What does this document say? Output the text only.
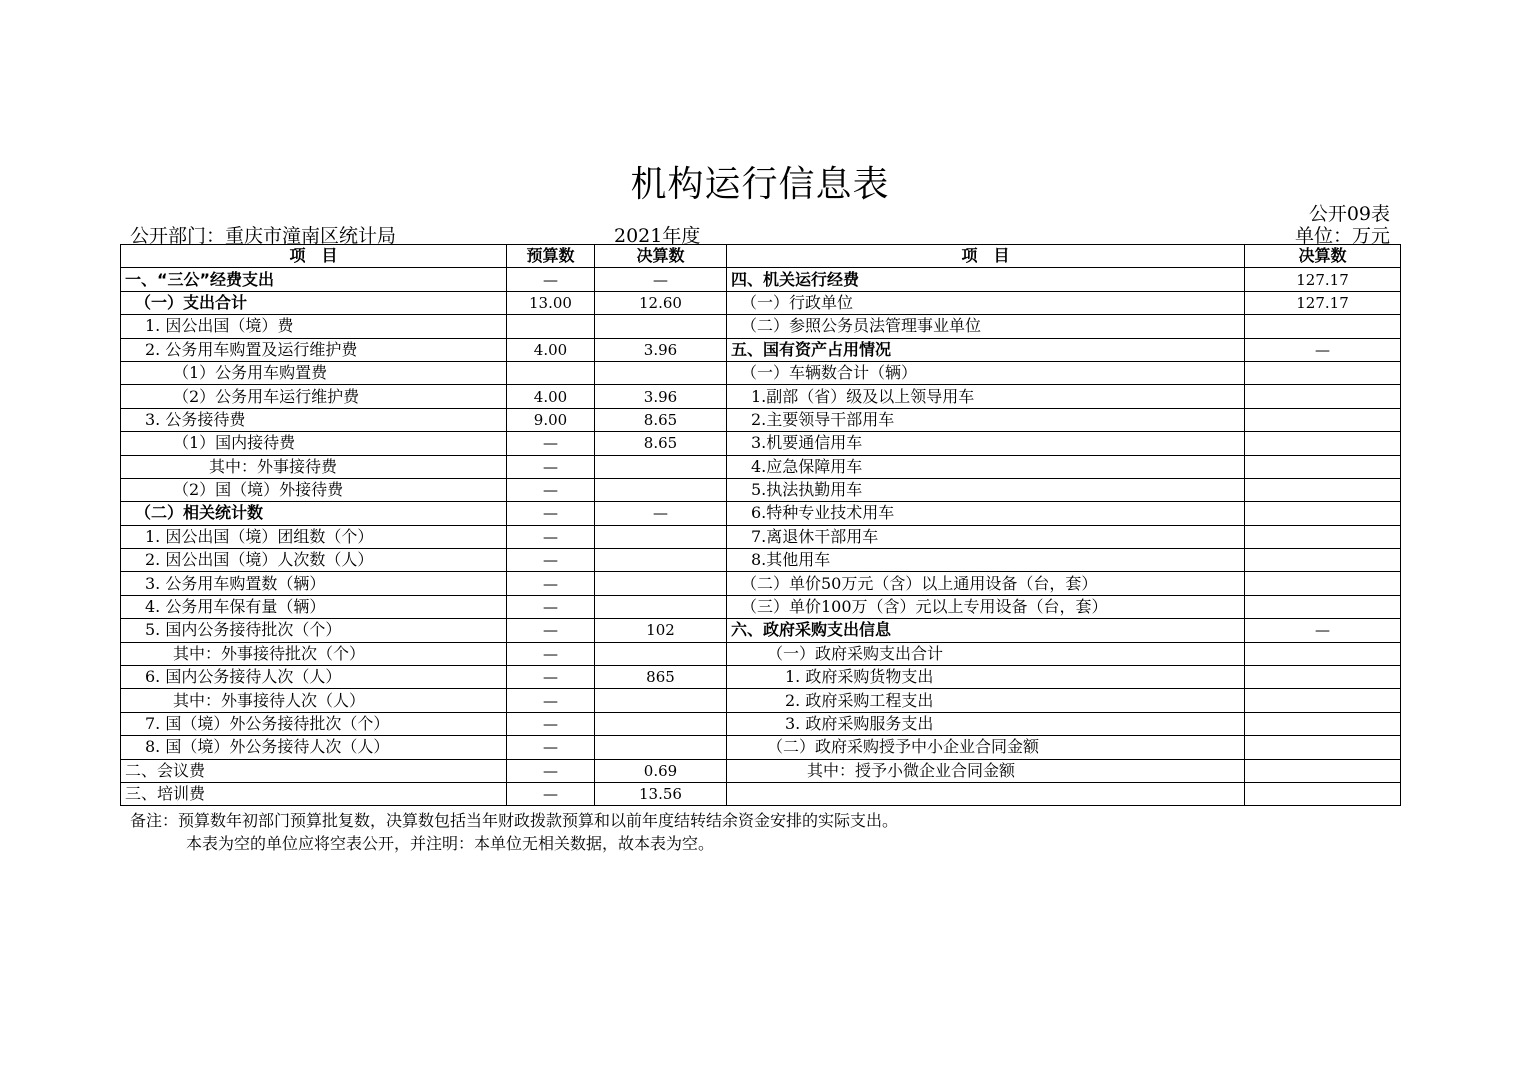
机构运行信息表
公开09表
公开部门：重庆市潼南区统计局	2021年度	单位：万元
项　目	预算数	决算数	项　目	决算数
一、“三公”经费支出	—	—	四、机关运行经费	127.17
（一）支出合计	13.00	12.60	（一）行政单位	127.17
1. 因公出国（境）费			（二）参照公务员法管理事业单位	
2. 公务用车购置及运行维护费	4.00	3.96	五、国有资产占用情况	—
（1）公务用车购置费			（一）车辆数合计（辆）	
（2）公务用车运行维护费	4.00	3.96	1.副部（省）级及以上领导用车	
3. 公务接待费	9.00	8.65	2.主要领导干部用车	
（1）国内接待费	—	8.65	3.机要通信用车	
其中：外事接待费	—		4.应急保障用车	
（2）国（境）外接待费	—		5.执法执勤用车	
（二）相关统计数	—	—	6.特种专业技术用车	
1. 因公出国（境）团组数（个）	—		7.离退休干部用车	
2. 因公出国（境）人次数（人）	—		8.其他用车	
3. 公务用车购置数（辆）	—		（二）单价50万元（含）以上通用设备（台，套）	
4. 公务用车保有量（辆）	—		（三）单价100万（含）元以上专用设备（台，套）	
5. 国内公务接待批次（个）	—	102	六、政府采购支出信息	—
其中：外事接待批次（个）	—		（一）政府采购支出合计	
6. 国内公务接待人次（人）	—	865	1. 政府采购货物支出	
其中：外事接待人次（人）	—		2. 政府采购工程支出	
7. 国（境）外公务接待批次（个）	—		3. 政府采购服务支出	
8. 国（境）外公务接待人次（人）	—		（二）政府采购授予中小企业合同金额	
二、会议费	—	0.69	其中：授予小微企业合同金额	
三、培训费	—	13.56		
备注：预算数年初部门预算批复数，决算数包括当年财政拨款预算和以前年度结转结余资金安排的实际支出。
本表为空的单位应将空表公开，并注明：本单位无相关数据，故本表为空。
